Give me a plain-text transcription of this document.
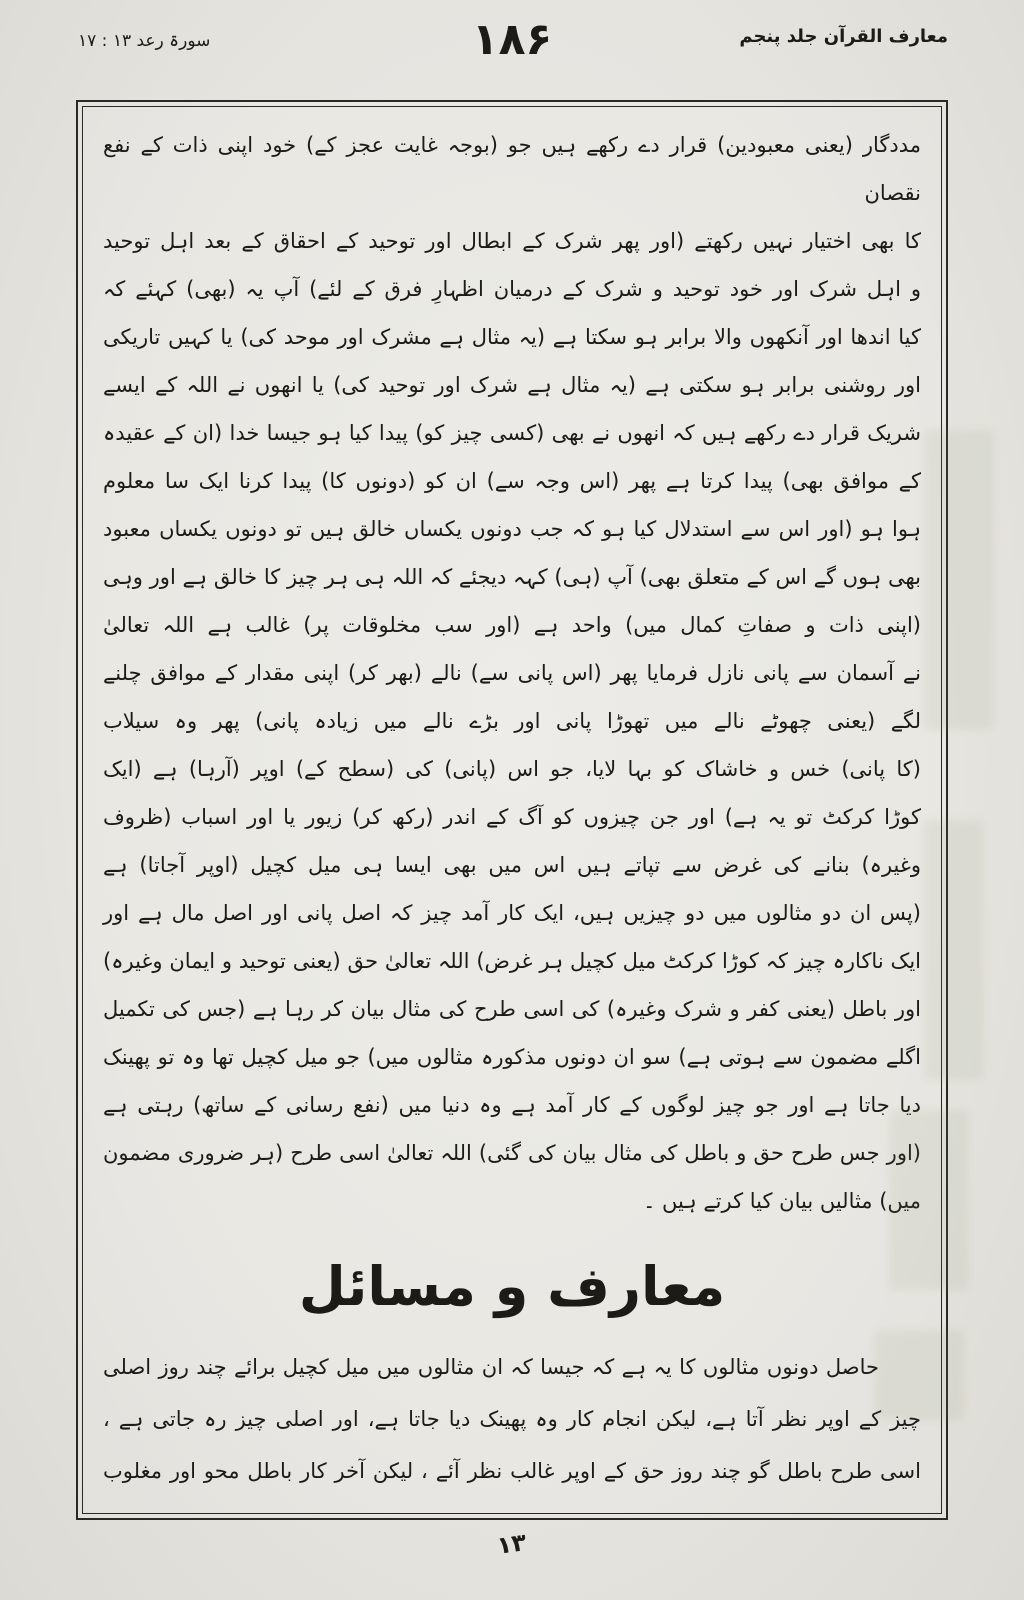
سورۃ رعد ۱۳ : ۱۷	۱۸۶	معارف القرآن جلد پنجم
مددگار (یعنی معبودین) قرار دے رکھے ہیں جو (بوجہ غایت عجز کے) خود اپنی ذات کے نفع نقصان
کا بھی اختیار نہیں رکھتے (اور پھر شرک کے ابطال اور توحید کے احقاق کے بعد اہل توحید
و اہل شرک اور خود توحید و شرک کے درمیان اظہارِ فرق کے لئے) آپ یہ (بھی) کہئے کہ
کیا اندھا اور آنکھوں والا برابر ہو سکتا ہے (یہ مثال ہے مشرک اور موحد کی) یا کہیں تاریکی
اور روشنی برابر ہو سکتی ہے (یہ مثال ہے شرک اور توحید کی) یا انھوں نے اللہ کے ایسے
شریک قرار دے رکھے ہیں کہ انھوں نے بھی (کسی چیز کو) پیدا کیا ہو جیسا خدا (ان کے عقیدہ
کے موافق بھی) پیدا کرتا ہے پھر (اس وجہ سے) ان کو (دونوں کا) پیدا کرنا ایک سا معلوم
ہوا ہو (اور اس سے استدلال کیا ہو کہ جب دونوں یکساں خالق ہیں تو دونوں یکساں معبود
بھی ہوں گے اس کے متعلق بھی) آپ (ہی) کہہ دیجئے کہ اللہ ہی ہر چیز کا خالق ہے اور وہی
(اپنی ذات و صفاتِ کمال میں) واحد ہے (اور سب مخلوقات پر) غالب ہے اللہ تعالیٰ
نے آسمان سے پانی نازل فرمایا پھر (اس پانی سے) نالے (بھر کر) اپنی مقدار کے موافق چلنے
لگے (یعنی چھوٹے نالے میں تھوڑا پانی اور بڑے نالے میں زیادہ پانی) پھر وہ سیلاب
(کا پانی) خس و خاشاک کو بہا لایا، جو اس (پانی) کی (سطح کے) اوپر (آرہا) ہے (ایک
کوڑا کرکٹ تو یہ ہے) اور جن چیزوں کو آگ کے اندر (رکھ کر) زیور یا اور اسباب (ظروف
وغیرہ) بنانے کی غرض سے تپاتے ہیں اس میں بھی ایسا ہی میل کچیل (اوپر آجاتا) ہے
(پس ان دو مثالوں میں دو چیزیں ہیں، ایک کار آمد چیز کہ اصل پانی اور اصل مال ہے اور
ایک ناکارہ چیز کہ کوڑا کرکٹ میل کچیل ہر غرض) اللہ تعالیٰ حق (یعنی توحید و ایمان وغیرہ)
اور باطل (یعنی کفر و شرک وغیرہ) کی اسی طرح کی مثال بیان کر رہا ہے (جس کی تکمیل
اگلے مضمون سے ہوتی ہے) سو ان دونوں مذکورہ مثالوں میں) جو میل کچیل تھا وہ تو پھینک
دیا جاتا ہے اور جو چیز لوگوں کے کار آمد ہے وہ دنیا میں (نفع رسانی کے ساتھ) رہتی ہے
(اور جس طرح حق و باطل کی مثال بیان کی گئی) اللہ تعالیٰ اسی طرح (ہر ضروری مضمون
میں) مثالیں بیان کیا کرتے ہیں ۔
معارف و مسائل
حاصل دونوں مثالوں کا یہ ہے کہ جیسا کہ ان مثالوں میں میل کچیل برائے چند روز اصلی
چیز کے اوپر نظر آتا ہے، لیکن انجام کار وہ پھینک دیا جاتا ہے، اور اصلی چیز رہ جاتی ہے ،
اسی طرح باطل گو چند روز حق کے اوپر غالب نظر آئے ، لیکن آخر کار باطل محو اور مغلوب
۱۳
